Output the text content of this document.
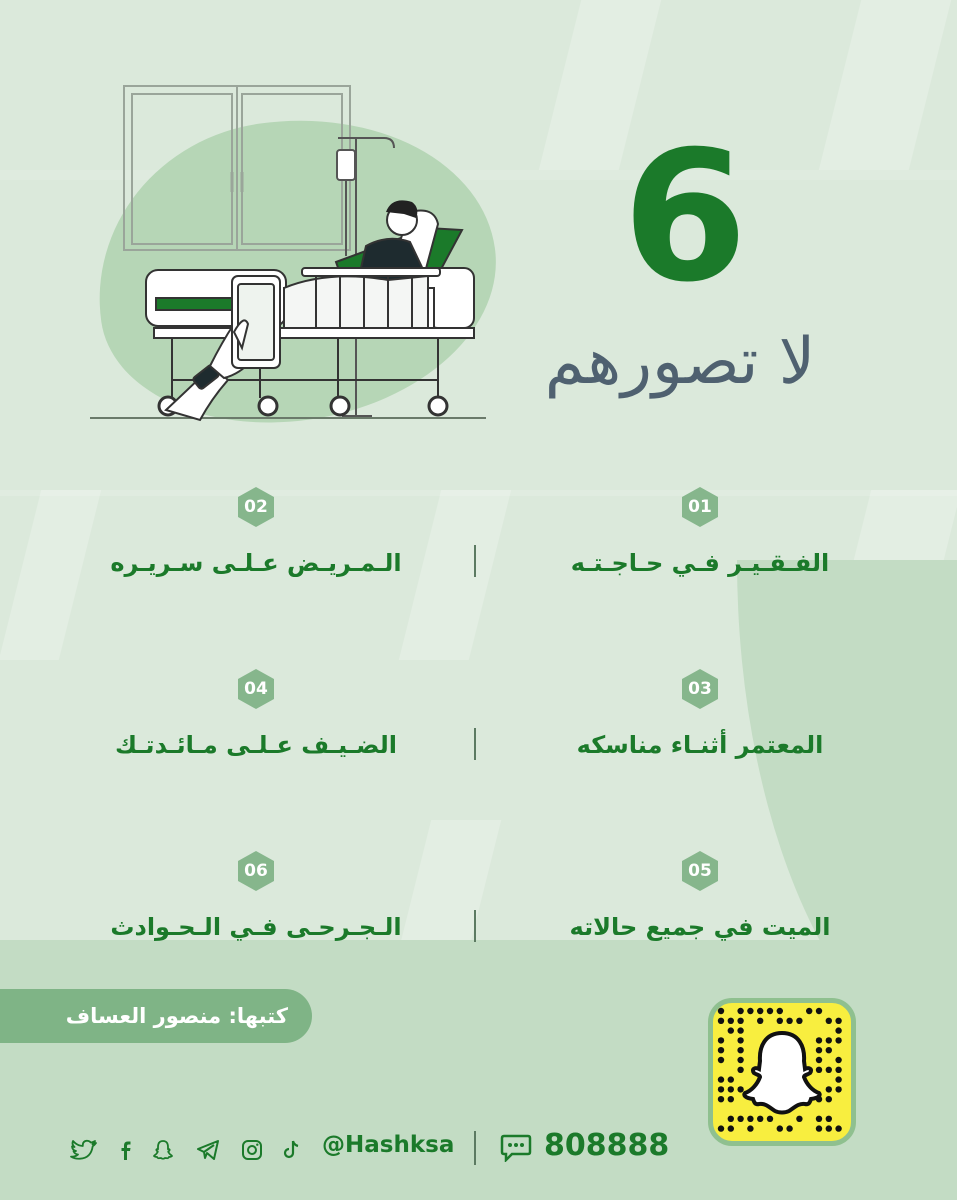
6
لا تصورهم
01
الفـقـيـر فـي حـاجـتـه
02
الـمـريـض عـلـى سـريـره
03
المعتمر أثنـاء مناسكه
04
الضـيـف عـلـى مـائـدتـك
05
الميت في جميع حالاته
06
الـجـرحـى فـي الـحـوادث
كتبها: منصور العساف
808888
@Hashksa
